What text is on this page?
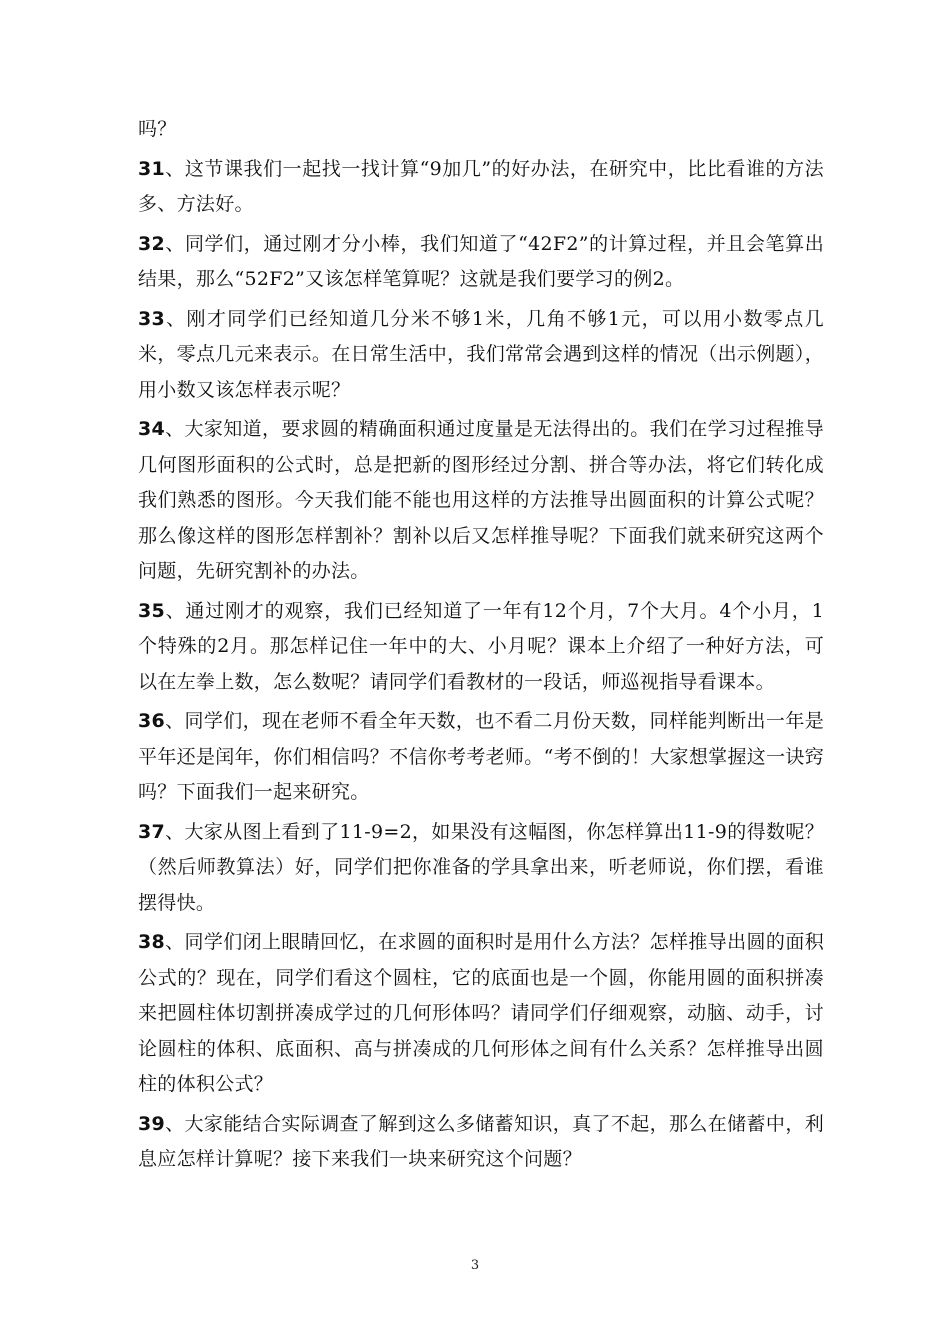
吗？

31、这节课我们一起找一找计算“9加几”的好办法，在研究中，比比看谁的方法多、方法好。

32、同学们，通过刚才分小棒，我们知道了“42F2”的计算过程，并且会笔算出结果，那么“52F2”又该怎样笔算呢？这就是我们要学习的例2。

33、刚才同学们已经知道几分米不够1米，几角不够1元，可以用小数零点几米，零点几元来表示。在日常生活中，我们常常会遇到这样的情况（出示例题），用小数又该怎样表示呢？

34、大家知道，要求圆的精确面积通过度量是无法得出的。我们在学习过程推导几何图形面积的公式时，总是把新的图形经过分割、拼合等办法，将它们转化成我们熟悉的图形。今天我们能不能也用这样的方法推导出圆面积的计算公式呢？那么像这样的图形怎样割补？割补以后又怎样推导呢？下面我们就来研究这两个问题，先研究割补的办法。

35、通过刚才的观察，我们已经知道了一年有12个月，7个大月。4个小月，1个特殊的2月。那怎样记住一年中的大、小月呢？课本上介绍了一种好方法，可以在左拳上数，怎么数呢？请同学们看教材的一段话，师巡视指导看课本。

36、同学们，现在老师不看全年天数，也不看二月份天数，同样能判断出一年是平年还是闰年，你们相信吗？不信你考考老师。“考不倒的！大家想掌握这一诀窍吗？下面我们一起来研究。

37、大家从图上看到了11-9=2，如果没有这幅图，你怎样算出11-9的得数呢？（然后师教算法）好，同学们把你准备的学具拿出来，听老师说，你们摆，看谁摆得快。

38、同学们闭上眼睛回忆，在求圆的面积时是用什么方法？怎样推导出圆的面积公式的？现在，同学们看这个圆柱，它的底面也是一个圆，你能用圆的面积拼凑来把圆柱体切割拼凑成学过的几何形体吗？请同学们仔细观察，动脑、动手，讨论圆柱的体积、底面积、高与拼凑成的几何形体之间有什么关系？怎样推导出圆柱的体积公式？

39、大家能结合实际调查了解到这么多储蓄知识，真了不起，那么在储蓄中，利息应怎样计算呢？接下来我们一块来研究这个问题？

3
